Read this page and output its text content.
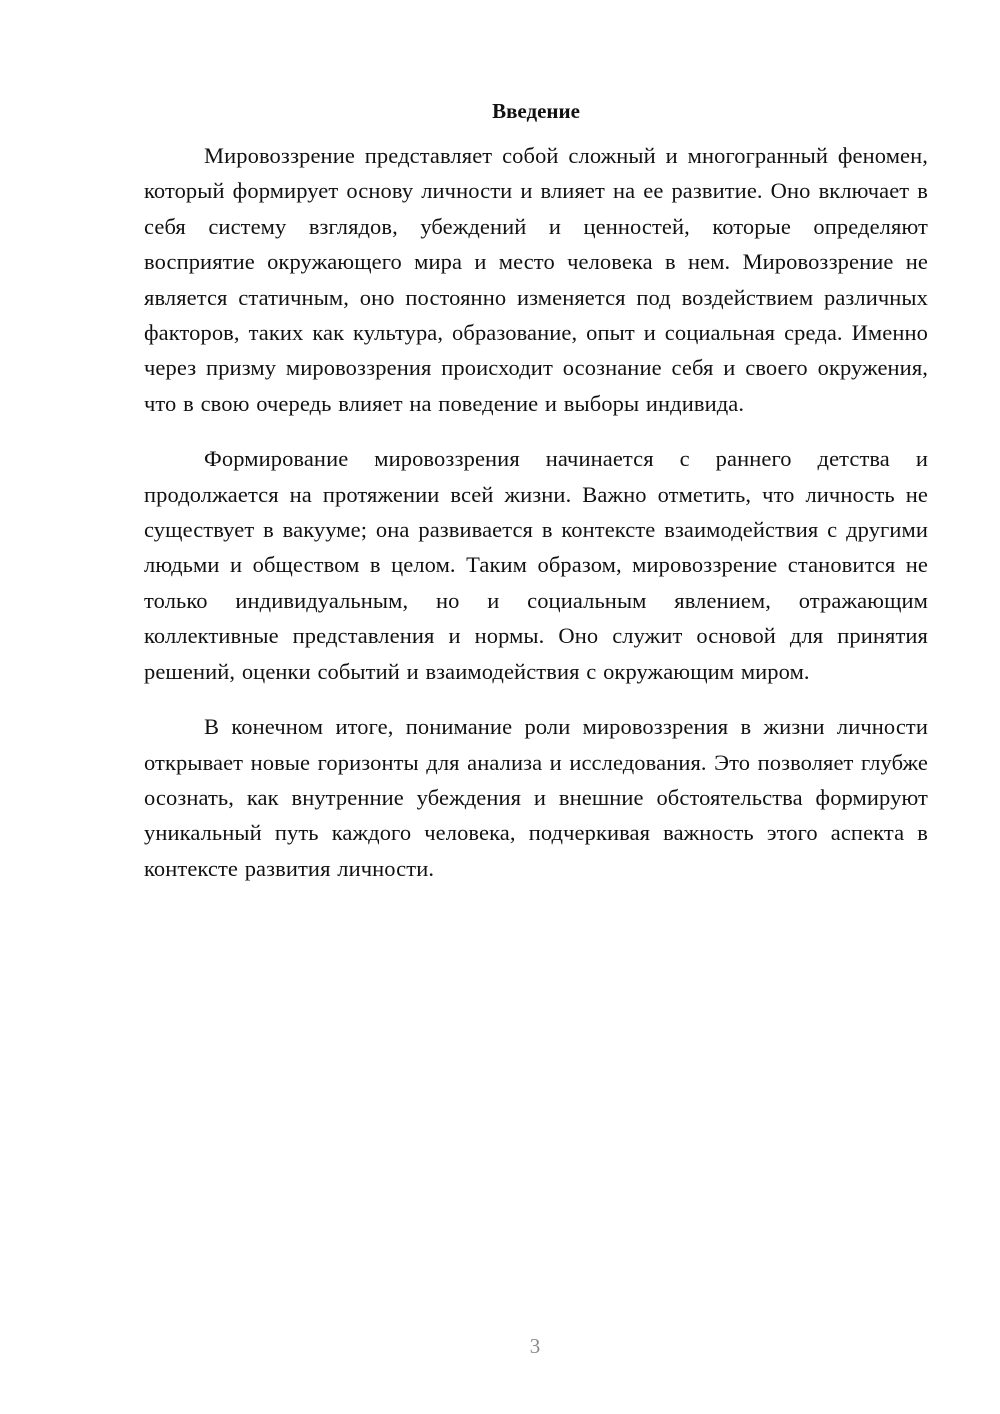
Введение

Мировоззрение представляет собой сложный и многогранный феномен, который формирует основу личности и влияет на ее развитие. Оно включает в себя систему взглядов, убеждений и ценностей, которые определяют восприятие окружающего мира и место человека в нем. Мировоззрение не является статичным, оно постоянно изменяется под воздействием различных факторов, таких как культура, образование, опыт и социальная среда. Именно через призму мировоззрения происходит осознание себя и своего окружения, что в свою очередь влияет на поведение и выборы индивида.

Формирование мировоззрения начинается с раннего детства и продолжается на протяжении всей жизни. Важно отметить, что личность не существует в вакууме; она развивается в контексте взаимодействия с другими людьми и обществом в целом. Таким образом, мировоззрение становится не только индивидуальным, но и социальным явлением, отражающим коллективные представления и нормы. Оно служит основой для принятия решений, оценки событий и взаимодействия с окружающим миром.

В конечном итоге, понимание роли мировоззрения в жизни личности открывает новые горизонты для анализа и исследования. Это позволяет глубже осознать, как внутренние убеждения и внешние обстоятельства формируют уникальный путь каждого человека, подчеркивая важность этого аспекта в контексте развития личности.

3
